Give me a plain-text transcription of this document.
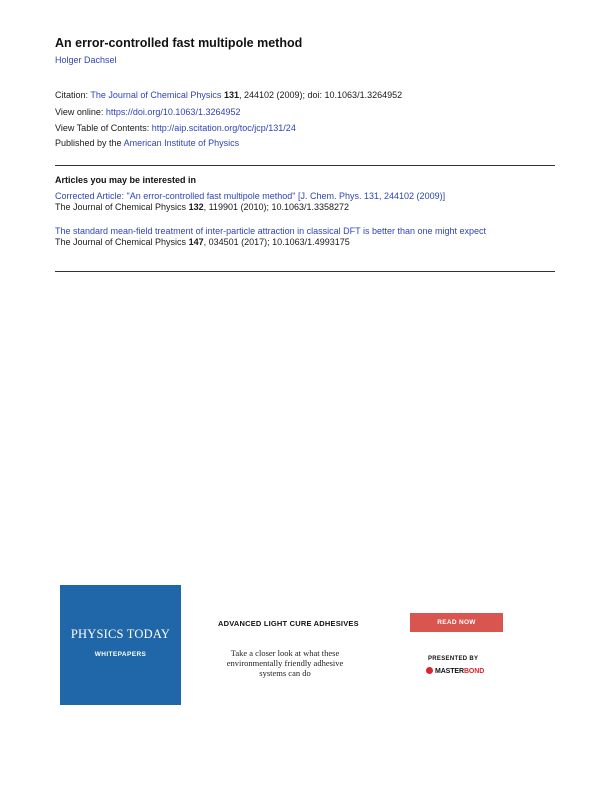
An error-controlled fast multipole method
Holger Dachsel
Citation: The Journal of Chemical Physics 131, 244102 (2009); doi: 10.1063/1.3264952
View online: https://doi.org/10.1063/1.3264952
View Table of Contents: http://aip.scitation.org/toc/jcp/131/24
Published by the American Institute of Physics
Articles you may be interested in
Corrected Article: "An error-controlled fast multipole method" [J. Chem. Phys. 131, 244102 (2009)]
The Journal of Chemical Physics 132, 119901 (2010); 10.1063/1.3358272
The standard mean-field treatment of inter-particle attraction in classical DFT is better than one might expect
The Journal of Chemical Physics 147, 034501 (2017); 10.1063/1.4993175
PHYSICS TODAY
WHITEPAPERS
ADVANCED LIGHT CURE ADHESIVES
Take a closer look at what these
environmentally friendly adhesive
systems can do
READ NOW
PRESENTED BY
MASTERBOND
